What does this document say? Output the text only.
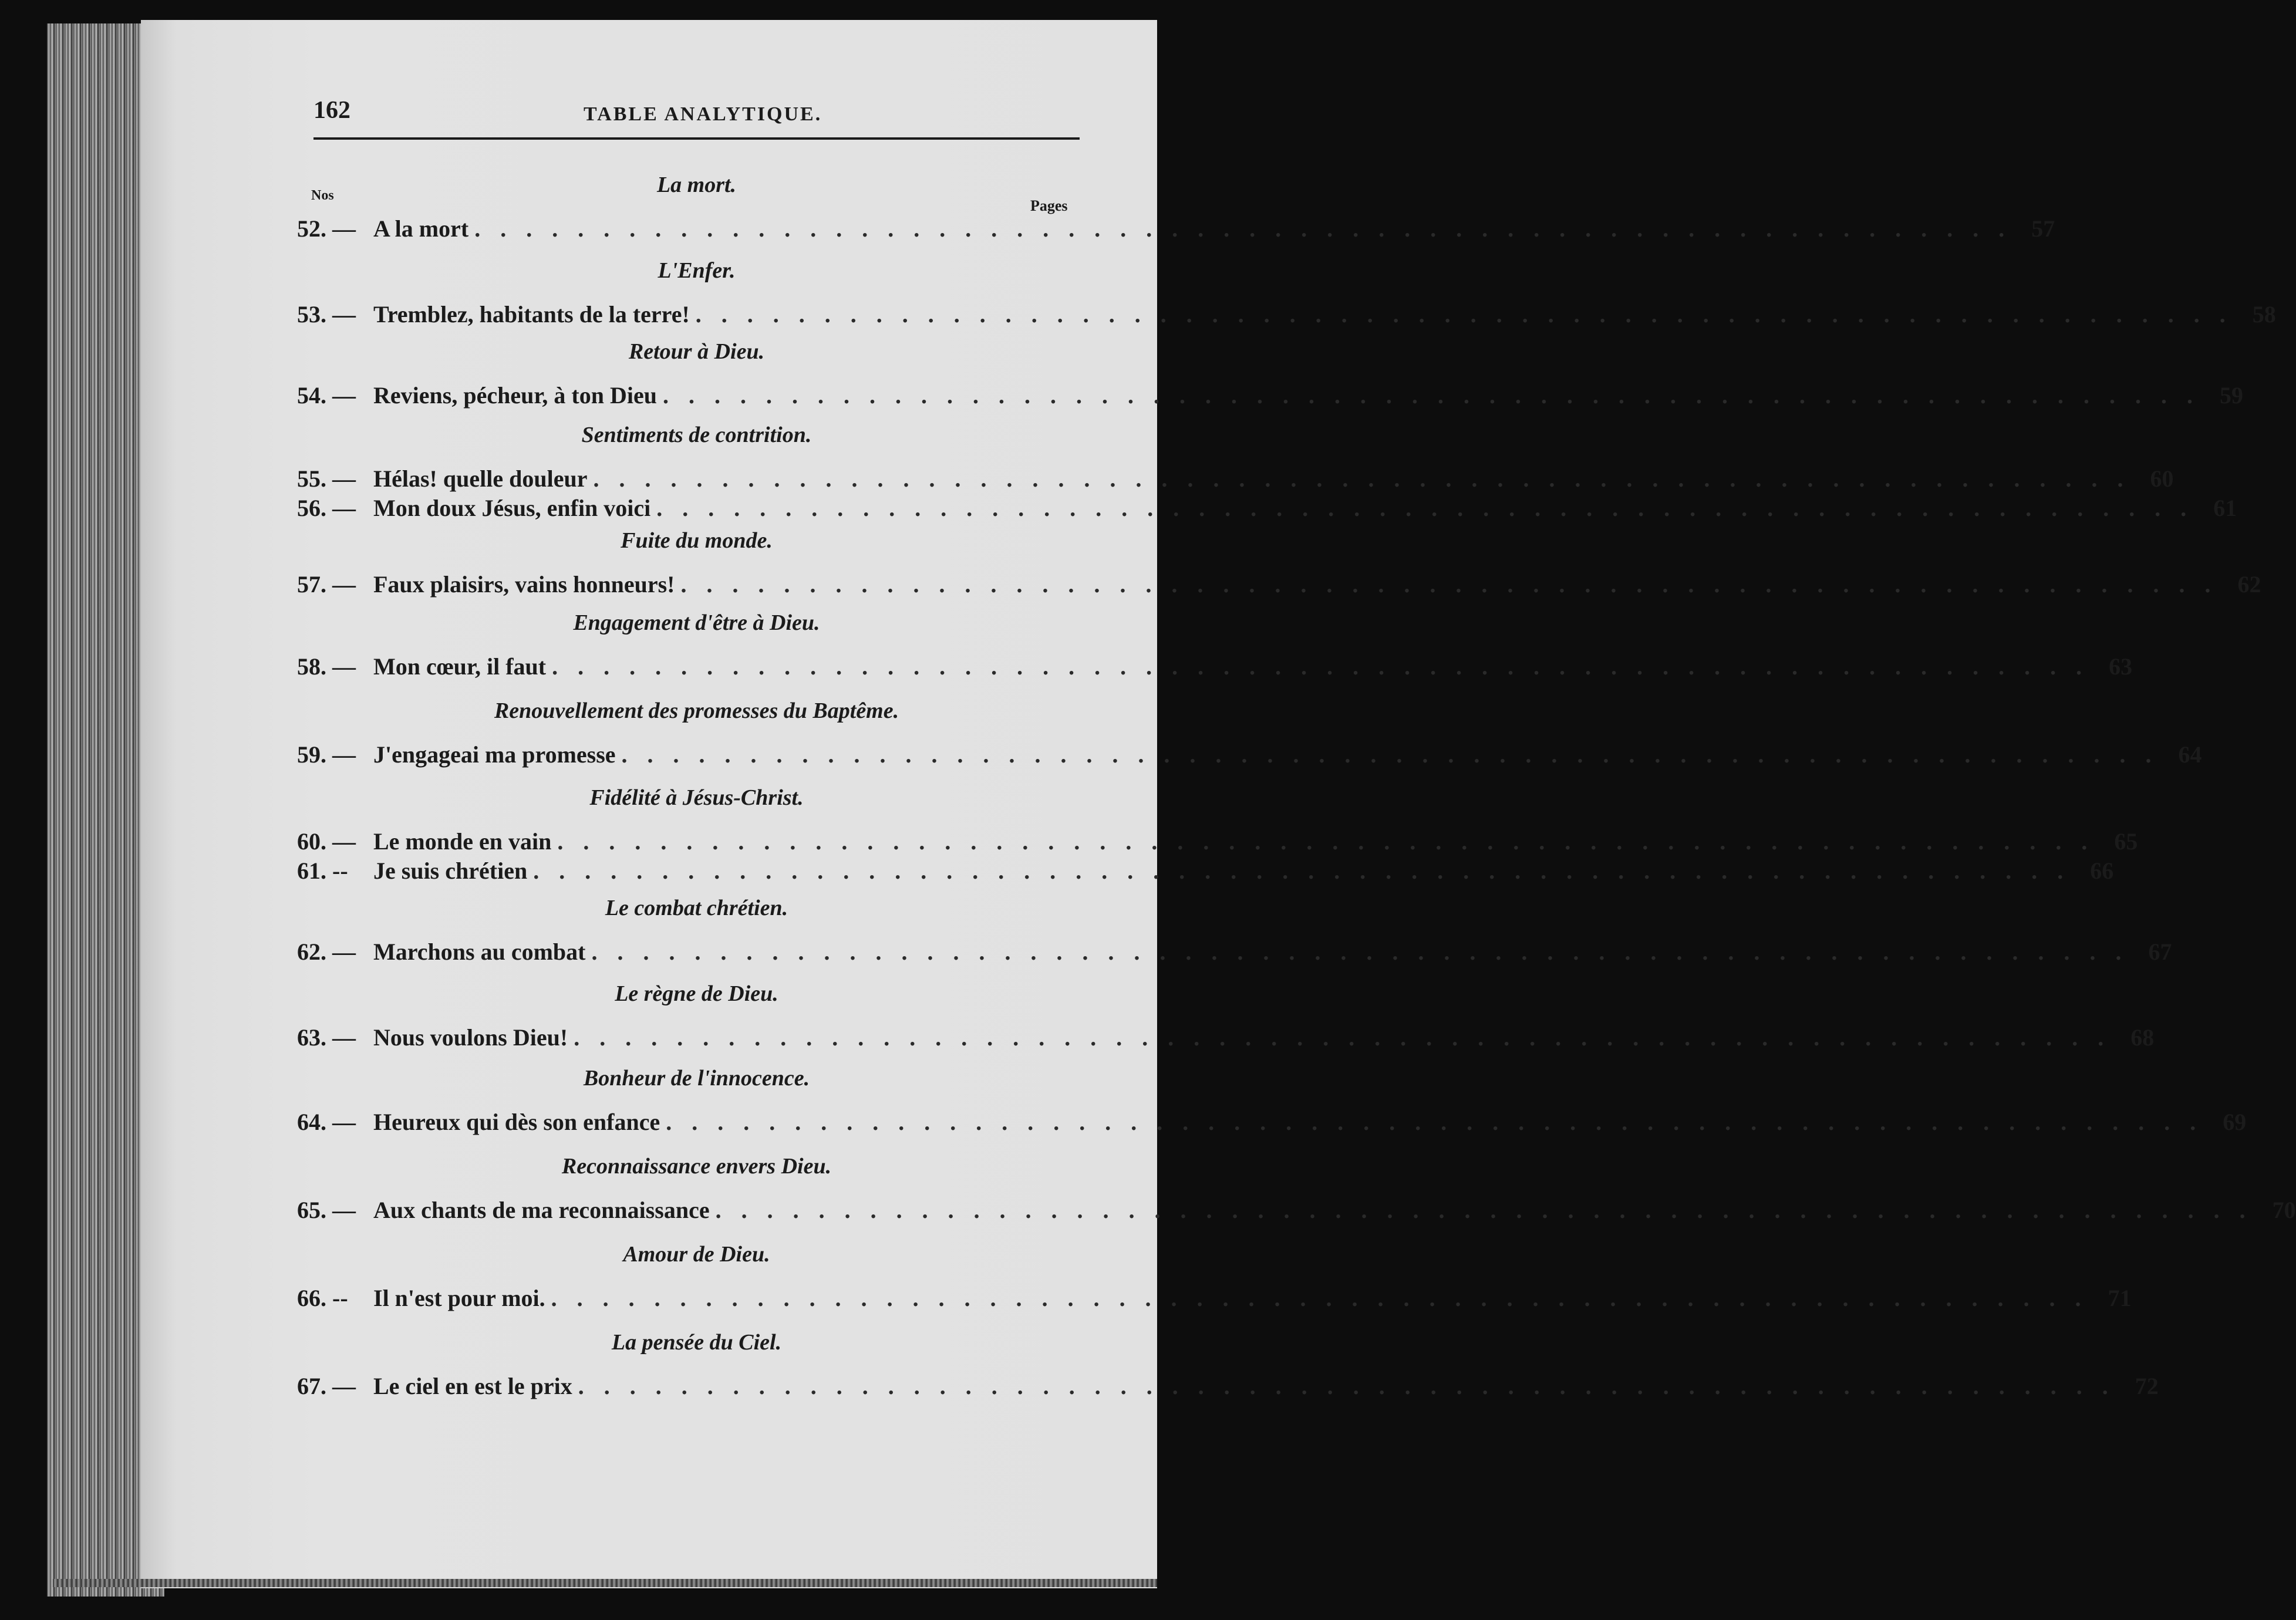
162	TABLE ANALYTIQUE.
Nos
Pages
La mort.
52. — A la mort . . . . . . . . . . . . . . . . . . . . . . . . . . . . . . . . . . . . . . . . . . . . . . . . . . . . . . . . . . . . 57
L'Enfer.
53. — Tremblez, habitants de la terre! . . . . . . . . . . . . . . . . . . . . . . . . . . . . . . . . . . . . . . . . . . . . . . . . . . . . . . . . . . . . 58
Retour à Dieu.
54. — Reviens, pécheur, à ton Dieu . . . . . . . . . . . . . . . . . . . . . . . . . . . . . . . . . . . . . . . . . . . . . . . . . . . . . . . . . . . . 59
Sentiments de contrition.
55. — Hélas! quelle douleur . . . . . . . . . . . . . . . . . . . . . . . . . . . . . . . . . . . . . . . . . . . . . . . . . . . . . . . . . . . . 60
56. — Mon doux Jésus, enfin voici . . . . . . . . . . . . . . . . . . . . . . . . . . . . . . . . . . . . . . . . . . . . . . . . . . . . . . . . . . . . 61
Fuite du monde.
57. — Faux plaisirs, vains honneurs! . . . . . . . . . . . . . . . . . . . . . . . . . . . . . . . . . . . . . . . . . . . . . . . . . . . . . . . . . . . . 62
Engagement d'être à Dieu.
58. — Mon cœur, il faut . . . . . . . . . . . . . . . . . . . . . . . . . . . . . . . . . . . . . . . . . . . . . . . . . . . . . . . . . . . . 63
Renouvellement des promesses du Baptême.
59. — J'engageai ma promesse . . . . . . . . . . . . . . . . . . . . . . . . . . . . . . . . . . . . . . . . . . . . . . . . . . . . . . . . . . . . 64
Fidélité à Jésus-Christ.
60. — Le monde en vain . . . . . . . . . . . . . . . . . . . . . . . . . . . . . . . . . . . . . . . . . . . . . . . . . . . . . . . . . . . . 65
61. --	Je suis chrétien . . . . . . . . . . . . . . . . . . . . . . . . . . . . . . . . . . . . . . . . . . . . . . . . . . . . . . . . . . . . 66
Le combat chrétien.
62. — Marchons au combat . . . . . . . . . . . . . . . . . . . . . . . . . . . . . . . . . . . . . . . . . . . . . . . . . . . . . . . . . . . . 67
Le règne de Dieu.
63. — Nous voulons Dieu! . . . . . . . . . . . . . . . . . . . . . . . . . . . . . . . . . . . . . . . . . . . . . . . . . . . . . . . . . . . . 68
Bonheur de l'innocence.
64. — Heureux qui dès son enfance . . . . . . . . . . . . . . . . . . . . . . . . . . . . . . . . . . . . . . . . . . . . . . . . . . . . . . . . . . . . 69
Reconnaissance envers Dieu.
65. — Aux chants de ma reconnaissance . . . . . . . . . . . . . . . . . . . . . . . . . . . . . . . . . . . . . . . . . . . . . . . . . . . . . . . . . . . . 70
Amour de Dieu.
66. --	Il n'est pour moi. . . . . . . . . . . . . . . . . . . . . . . . . . . . . . . . . . . . . . . . . . . . . . . . . . . . . . . . . . . . . 71
La pensée du Ciel.
67. — Le ciel en est le prix . . . . . . . . . . . . . . . . . . . . . . . . . . . . . . . . . . . . . . . . . . . . . . . . . . . . . . . . . . . . 72
